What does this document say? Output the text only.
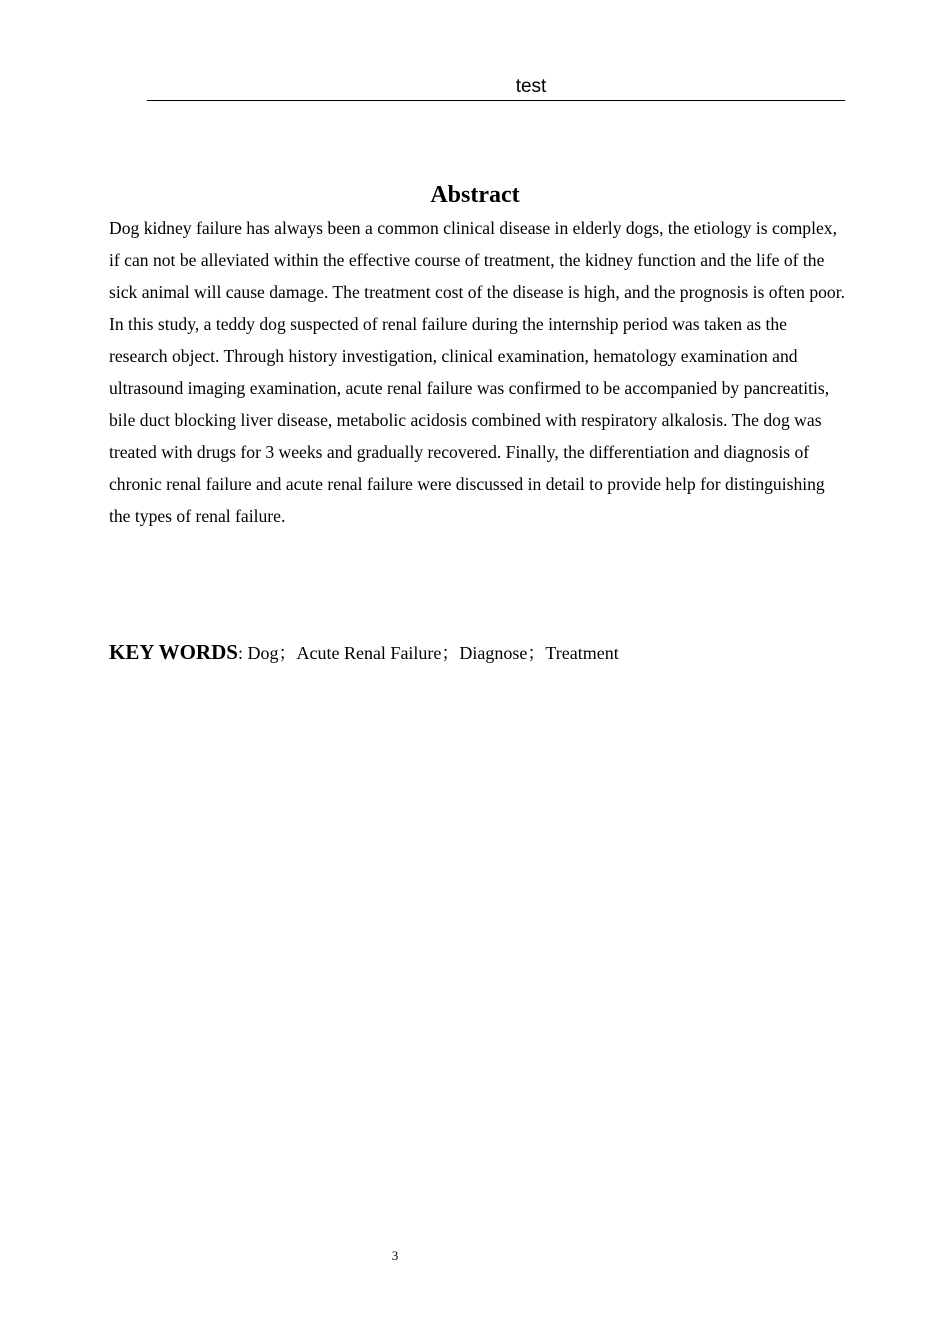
test
Abstract

Dog kidney failure has always been a common clinical disease in elderly dogs, the etiology is complex, if can not be alleviated within the effective course of treatment, the kidney function and the life of the sick animal will cause damage. The treatment cost of the disease is high, and the prognosis is often poor. In this study, a teddy dog suspected of renal failure during the internship period was taken as the research object. Through history investigation, clinical examination, hematology examination and ultrasound imaging examination, acute renal failure was confirmed to be accompanied by pancreatitis, bile duct blocking liver disease, metabolic acidosis combined with respiratory alkalosis. The dog was treated with drugs for 3 weeks and gradually recovered. Finally, the differentiation and diagnosis of chronic renal failure and acute renal failure were discussed in detail to provide help for distinguishing the types of renal failure.

KEY WORDS: Dog；Acute Renal Failure；Diagnose；Treatment
3
